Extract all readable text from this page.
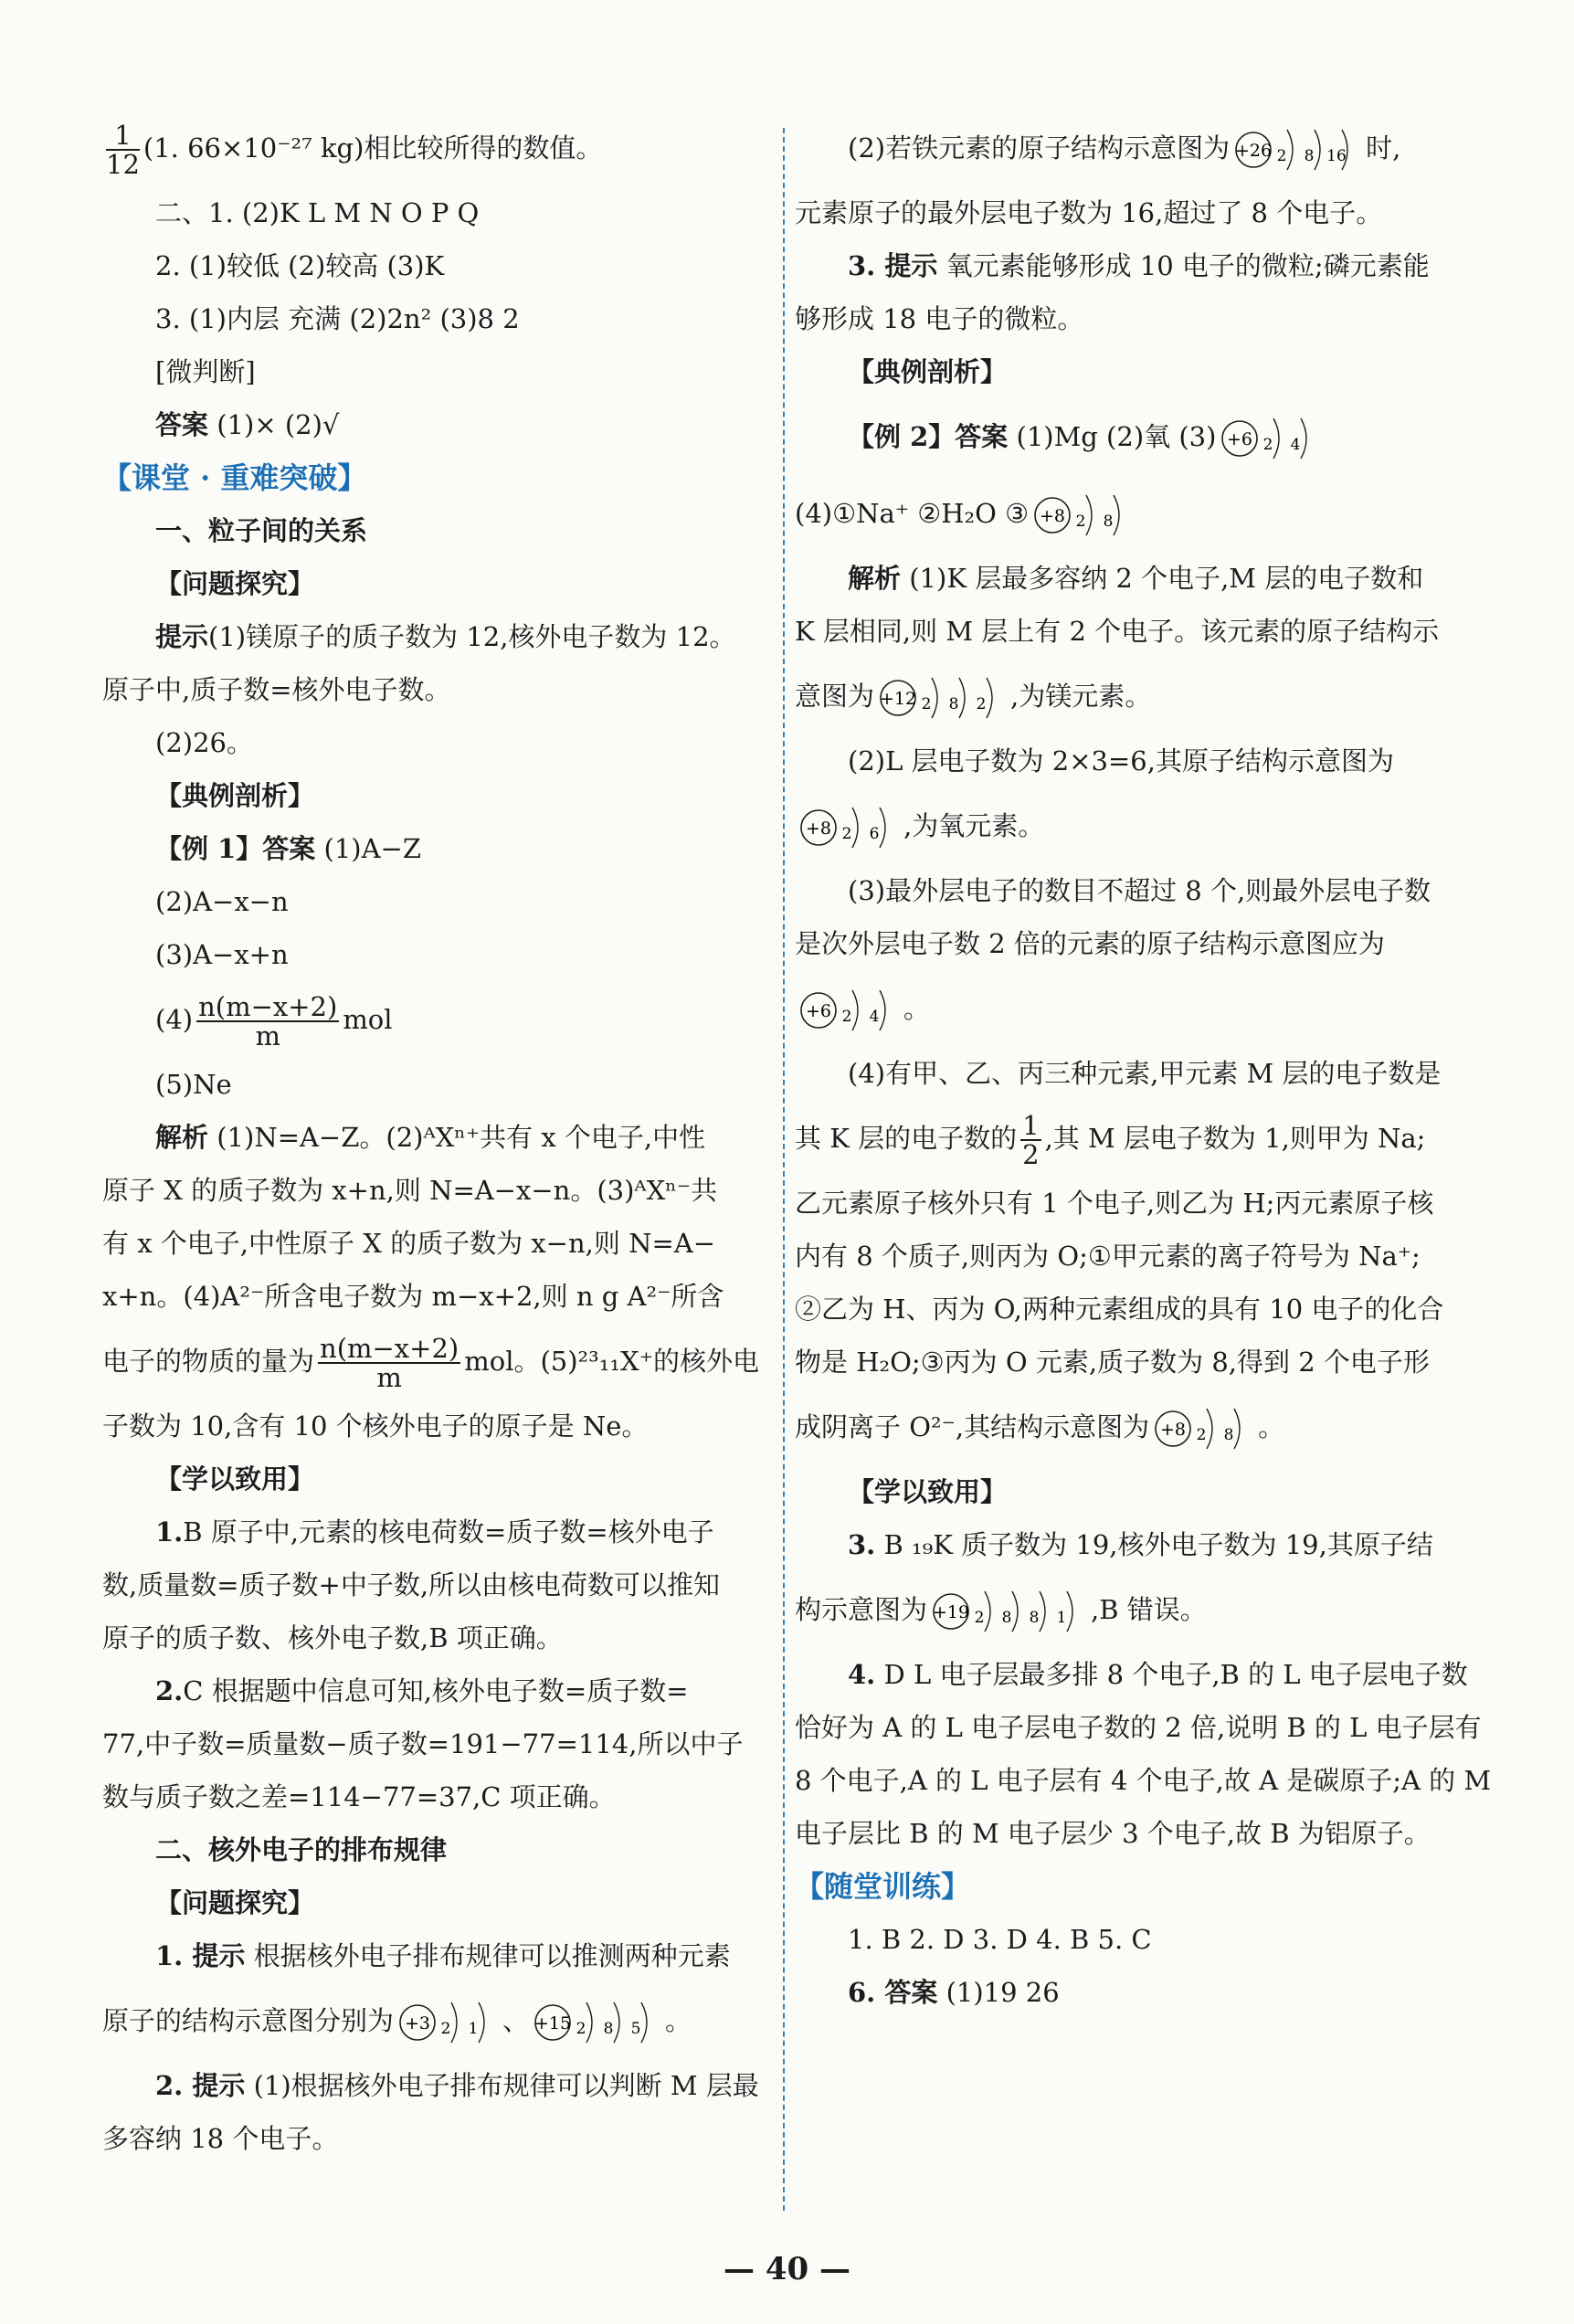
$\frac{1}{12} (1$. 66×10⁻²⁷ kg)相比较所得的数值。
二、1. (2)K L M N O P Q
2. (1)较低 (2)较高 (3)K
3. (1)内层 充满 (2)2n² (3)8 2
[微判断]
答案 (1)× (2)√
【课堂 · 重难突破】
一、粒子间的关系
【问题探究】
提示(1)镁原子的质子数为 12,核外电子数为 12。
原子中,质子数=核外电子数。
(2)26。
【典例剖析】
【例 1】答案 (1)A−Z
(2)A−x−n
(3)A−x+n
$(4) \frac{n(m-x+2)}{m}$ mol
(5)Ne
解析 (1)N=A−Z。(2)ᴬXⁿ⁺共有 x 个电子,中性
原子 X 的质子数为 x+n,则 N=A−x−n。(3)ᴬXⁿ⁻共
有 x 个电子,中性原子 X 的质子数为 x−n,则 N=A−
x+n。(4)A²⁻所含电子数为 m−x+2,则 n g A²⁻所含
电子的物质的量为 $\frac{n(m-x+2)}{m}$ mol。(5)²³₁₁X⁺的核外电
子数为 10,含有 10 个核外电子的原子是 Ne。
【学以致用】
1.B 原子中,元素的核电荷数=质子数=核外电子
数,质量数=质子数+中子数,所以由核电荷数可以推知
原子的质子数、核外电子数,B 项正确。
2.C 根据题中信息可知,核外电子数=质子数=
77,中子数=质量数−质子数=191−77=114,所以中子
数与质子数之差=114−77=37,C 项正确。
二、核外电子的排布规律
【问题探究】
1. 提示 根据核外电子排布规律可以推测两种元素
原子的结构示意图分别为 +3 2 1 、 +15 2 8 5 。
2. 提示 (1)根据核外电子排布规律可以判断 M 层最
多容纳 18 个电子。
(2)若铁元素的原子结构示意图为 +26 2 8 16 时,
元素原子的最外层电子数为 16,超过了 8 个电子。
3. 提示 氧元素能够形成 10 电子的微粒;磷元素能
够形成 18 电子的微粒。
【典例剖析】
【例 2】答案 (1)Mg (2)氧 (3) +6 2 4
(4)①Na⁺ ②H₂O ③ +8 2 8
解析 (1)K 层最多容纳 2 个电子,M 层的电子数和
K 层相同,则 M 层上有 2 个电子。该元素的原子结构示
意图为 +12 2 8 2 ,为镁元素。
(2)L 层电子数为 2×3=6,其原子结构示意图为
+8 2 6 ,为氧元素。
(3)最外层电子的数目不超过 8 个,则最外层电子数
是次外层电子数 2 倍的元素的原子结构示意图应为
+6 2 4 。
(4)有甲、乙、丙三种元素,甲元素 M 层的电子数是
其 K 层的电子数的 $\frac{1}{2}$ ,其 M 层电子数为 1,则甲为 Na;
乙元素原子核外只有 1 个电子,则乙为 H;丙元素原子核
内有 8 个质子,则丙为 O;①甲元素的离子符号为 Na⁺;
②乙为 H、丙为 O,两种元素组成的具有 10 电子的化合
物是 H₂O;③丙为 O 元素,质子数为 8,得到 2 个电子形
成阴离子 O²⁻,其结构示意图为 +8 2 8 。
【学以致用】
3. B ₁₉K 质子数为 19,核外电子数为 19,其原子结
构示意图为 +19 2 8 8 1 ,B 错误。
4. D L 电子层最多排 8 个电子,B 的 L 电子层电子数
恰好为 A 的 L 电子层电子数的 2 倍,说明 B 的 L 电子层有
8 个电子,A 的 L 电子层有 4 个电子,故 A 是碳原子;A 的 M
电子层比 B 的 M 电子层少 3 个电子,故 B 为铝原子。
【随堂训练】
1. B 2. D 3. D 4. B 5. C
6. 答案 (1)19 26
— 40 —
